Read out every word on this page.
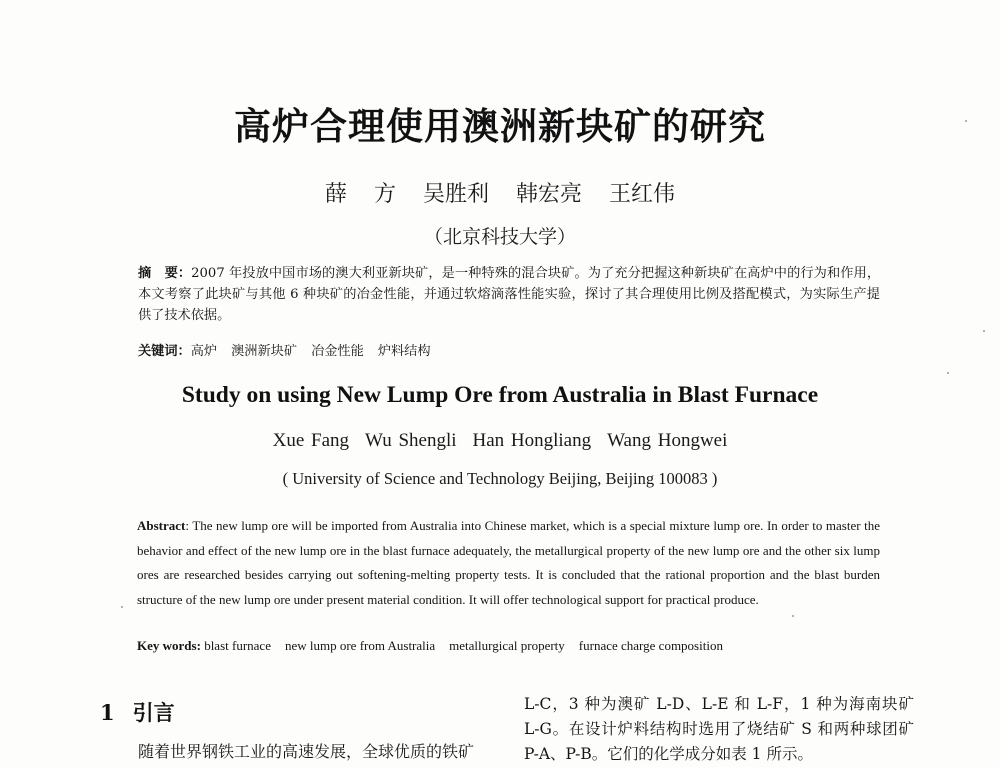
高炉合理使用澳洲新块矿的研究
薛 方 吴胜利 韩宏亮 王红伟
（北京科技大学）
摘　要：2007 年投放中国市场的澳大利亚新块矿，是一种特殊的混合块矿。为了充分把握这种新块矿在高炉中的行为和作用，本文考察了此块矿与其他 6 种块矿的冶金性能，并通过软熔滴落性能实验，探讨了其合理使用比例及搭配模式，为实际生产提供了技术依据。
关键词：高炉 澳洲新块矿 冶金性能 炉料结构
Study on using New Lump Ore from Australia in Blast Furnace
Xue Fang Wu Shengli Han Hongliang Wang Hongwei
( University of Science and Technology Beijing, Beijing 100083 )
Abstract: The new lump ore will be imported from Australia into Chinese market, which is a special mixture lump ore. In order to master the behavior and effect of the new lump ore in the blast furnace adequately, the metallurgical property of the new lump ore and the other six lump ores are researched besides carrying out softening-melting property tests. It is concluded that the rational proportion and the blast burden structure of the new lump ore under present material condition. It will offer technological support for practical produce.
Key words: blast furnace new lump ore from Australia metallurgical property furnace charge composition
1 引言
随着世界钢铁工业的高速发展，全球优质的铁矿
L-C，3 种为澳矿 L-D、L-E 和 L-F，1 种为海南块矿 L-G。在设计炉料结构时选用了烧结矿 S 和两种球团矿 P-A、P-B。它们的化学成分如表 1 所示。
